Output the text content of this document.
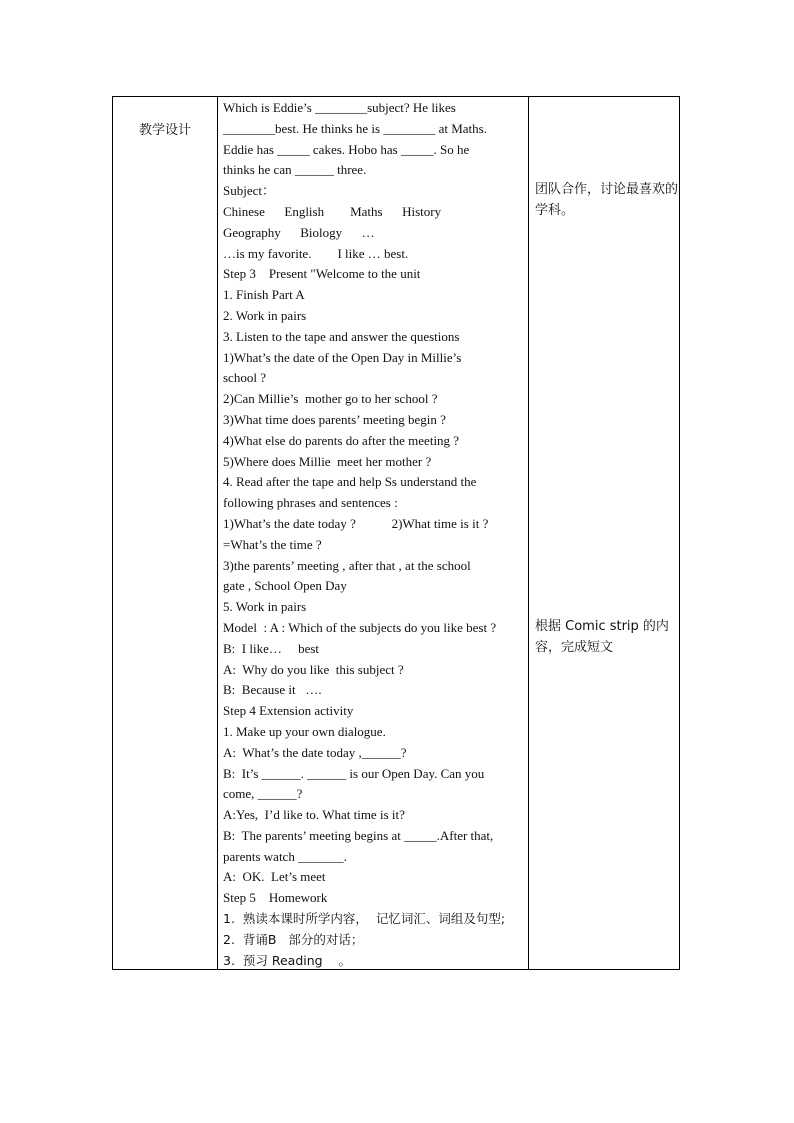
教学设计
Which is Eddie’s ________subject? He likes
________best. He thinks he is ________ at Maths.
Eddie has _____ cakes. Hobo has _____. So he
thinks he can ______ three.
Subject：
Chinese      English        Maths      History
Geography      Biology      …
…is my favorite.        I like … best.
Step 3    Present "Welcome to the unit
1. Finish Part A
2. Work in pairs
3. Listen to the tape and answer the questions
1)What’s the date of the Open Day in Millie’s
school ?
2)Can Millie’s  mother go to her school ?
3)What time does parents’ meeting begin ?
4)What else do parents do after the meeting ?
5)Where does Millie  meet her mother ?
4. Read after the tape and help Ss understand the
following phrases and sentences :
1)What’s the date today ?           2)What time is it ?
=What’s the time ?
3)the parents’ meeting , after that , at the school
gate , School Open Day
5. Work in pairs
Model  : A : Which of the subjects do you like best ?
B:  I like…     best
A:  Why do you like  this subject ?
B:  Because it   ….
Step 4 Extension activity
1. Make up your own dialogue.
A:  What’s the date today ,______?
B:  It’s ______. ______ is our Open Day. Can you
come, ______?
A:Yes,  I’d like to. What time is it?
B:  The parents’ meeting begins at _____.After that,
parents watch _______.
A:  OK.  Let’s meet
Step 5    Homework
1.  熟读本课时所学内容，  记忆词汇、词组及句型;
2.  背诵B   部分的对话；
3.  预习 Reading    。
团队合作，讨论最喜欢的学科。
根据 Comic strip 的内容，完成短文
